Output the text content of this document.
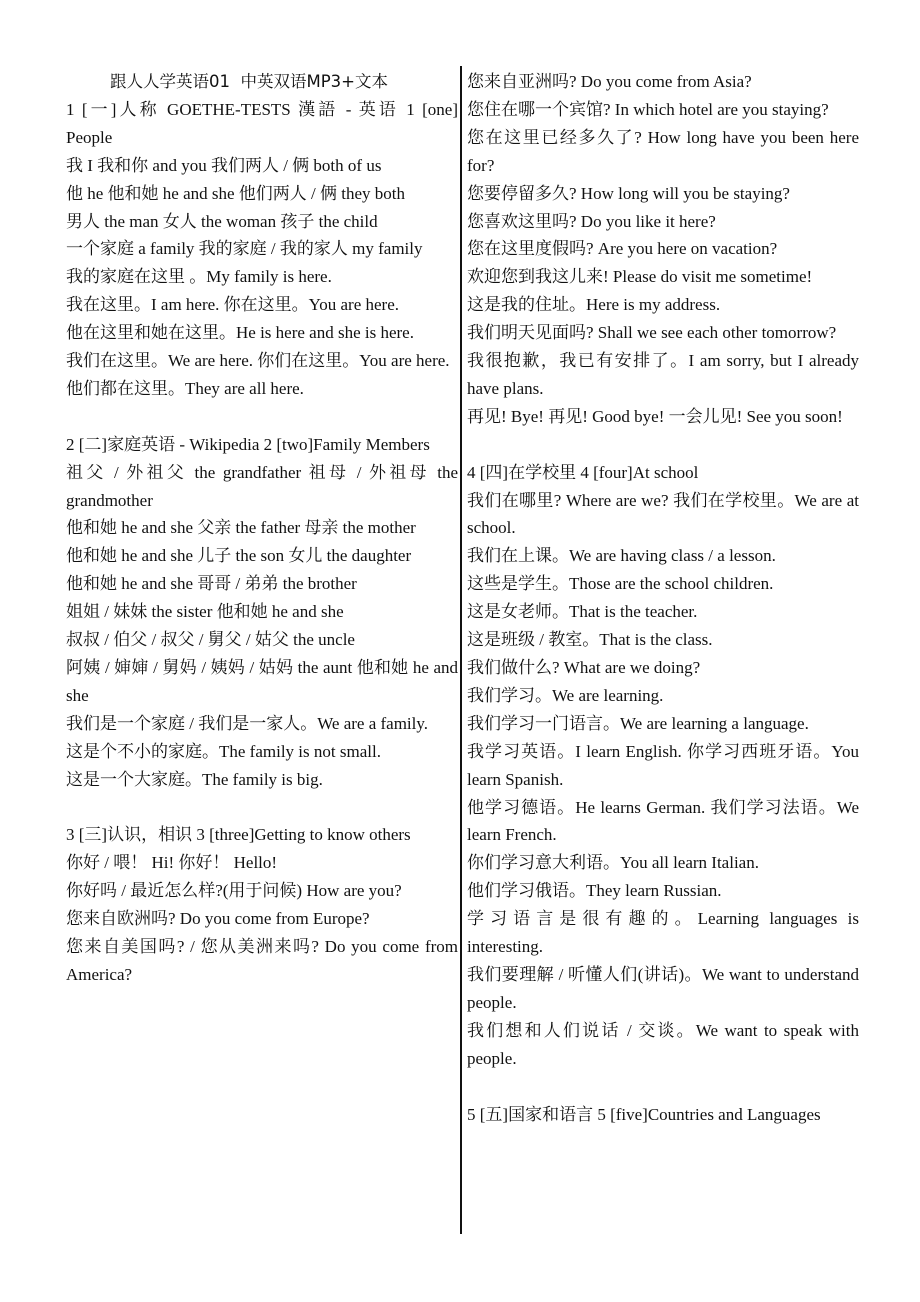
跟人人学英语01  中英双语MP3+文本
1 [一]人称 GOETHE-TESTS 漢語 - 英语 1 [one] People
我 I 我和你 and you 我们两人 / 俩 both of us
他 he 他和她 he and she 他们两人 / 俩 they both
男人 the man 女人 the woman 孩子 the child
一个家庭 a family 我的家庭 / 我的家人 my family
我的家庭在这里 。My family is here.
我在这里。I am here. 你在这里。You are here.
他在这里和她在这里。He is here and she is here.
我们在这里。We are here. 你们在这里。You are here.
他们都在这里。They are all here.
2 [二]家庭英语 - Wikipedia 2 [two]Family Members
祖父 / 外祖父 the grandfather 祖母 / 外祖母 the grandmother
他和她 he and she 父亲 the father 母亲 the mother
他和她 he and she 儿子 the son 女儿 the daughter
他和她 he and she 哥哥 / 弟弟 the brother
姐姐 / 妹妹 the sister 他和她 he and she
叔叔 / 伯父 / 叔父 / 舅父 / 姑父 the uncle
阿姨 / 婶婶 / 舅妈 / 姨妈 / 姑妈 the aunt 他和她 he and she
我们是一个家庭 / 我们是一家人。We are a family.
这是个不小的家庭。The family is not small.
这是一个大家庭。The family is big.
3 [三]认识，相识 3 [three]Getting to know others
你好 / 喂！ Hi! 你好！ Hello!
你好吗 / 最近怎么样?(用于问候) How are you?
您来自欧洲吗? Do you come from Europe?
您来自美国吗? / 您从美洲来吗? Do you come from America?
您来自亚洲吗? Do you come from Asia?
您住在哪一个宾馆? In which hotel are you staying?
您在这里已经多久了? How long have you been here for?
您要停留多久? How long will you be staying?
您喜欢这里吗? Do you like it here?
您在这里度假吗? Are you here on vacation?
欢迎您到我这儿来! Please do visit me sometime!
这是我的住址。Here is my address.
我们明天见面吗? Shall we see each other tomorrow?
我很抱歉，我已有安排了。I am sorry, but I already have plans.
再见! Bye! 再见! Good bye! 一会儿见! See you soon!
4 [四]在学校里 4 [four]At school
我们在哪里? Where are we? 我们在学校里。We are at school.
我们在上课。We are having class / a lesson.
这些是学生。Those are the school children.
这是女老师。That is the teacher.
这是班级 / 教室。That is the class.
我们做什么? What are we doing?
我们学习。We are learning.
我们学习一门语言。We are learning a language.
我学习英语。I learn English. 你学习西班牙语。You learn Spanish.
他学习德语。He learns German. 我们学习法语。We learn French.
你们学习意大利语。You all learn Italian.
他们学习俄语。They learn Russian.
学习语言是很有趣的。Learning languages is interesting.
我们要理解 / 听懂人们(讲话)。We want to understand people.
我们想和人们说话 / 交谈。We want to speak with people.
5 [五]国家和语言 5 [five]Countries and Languages
